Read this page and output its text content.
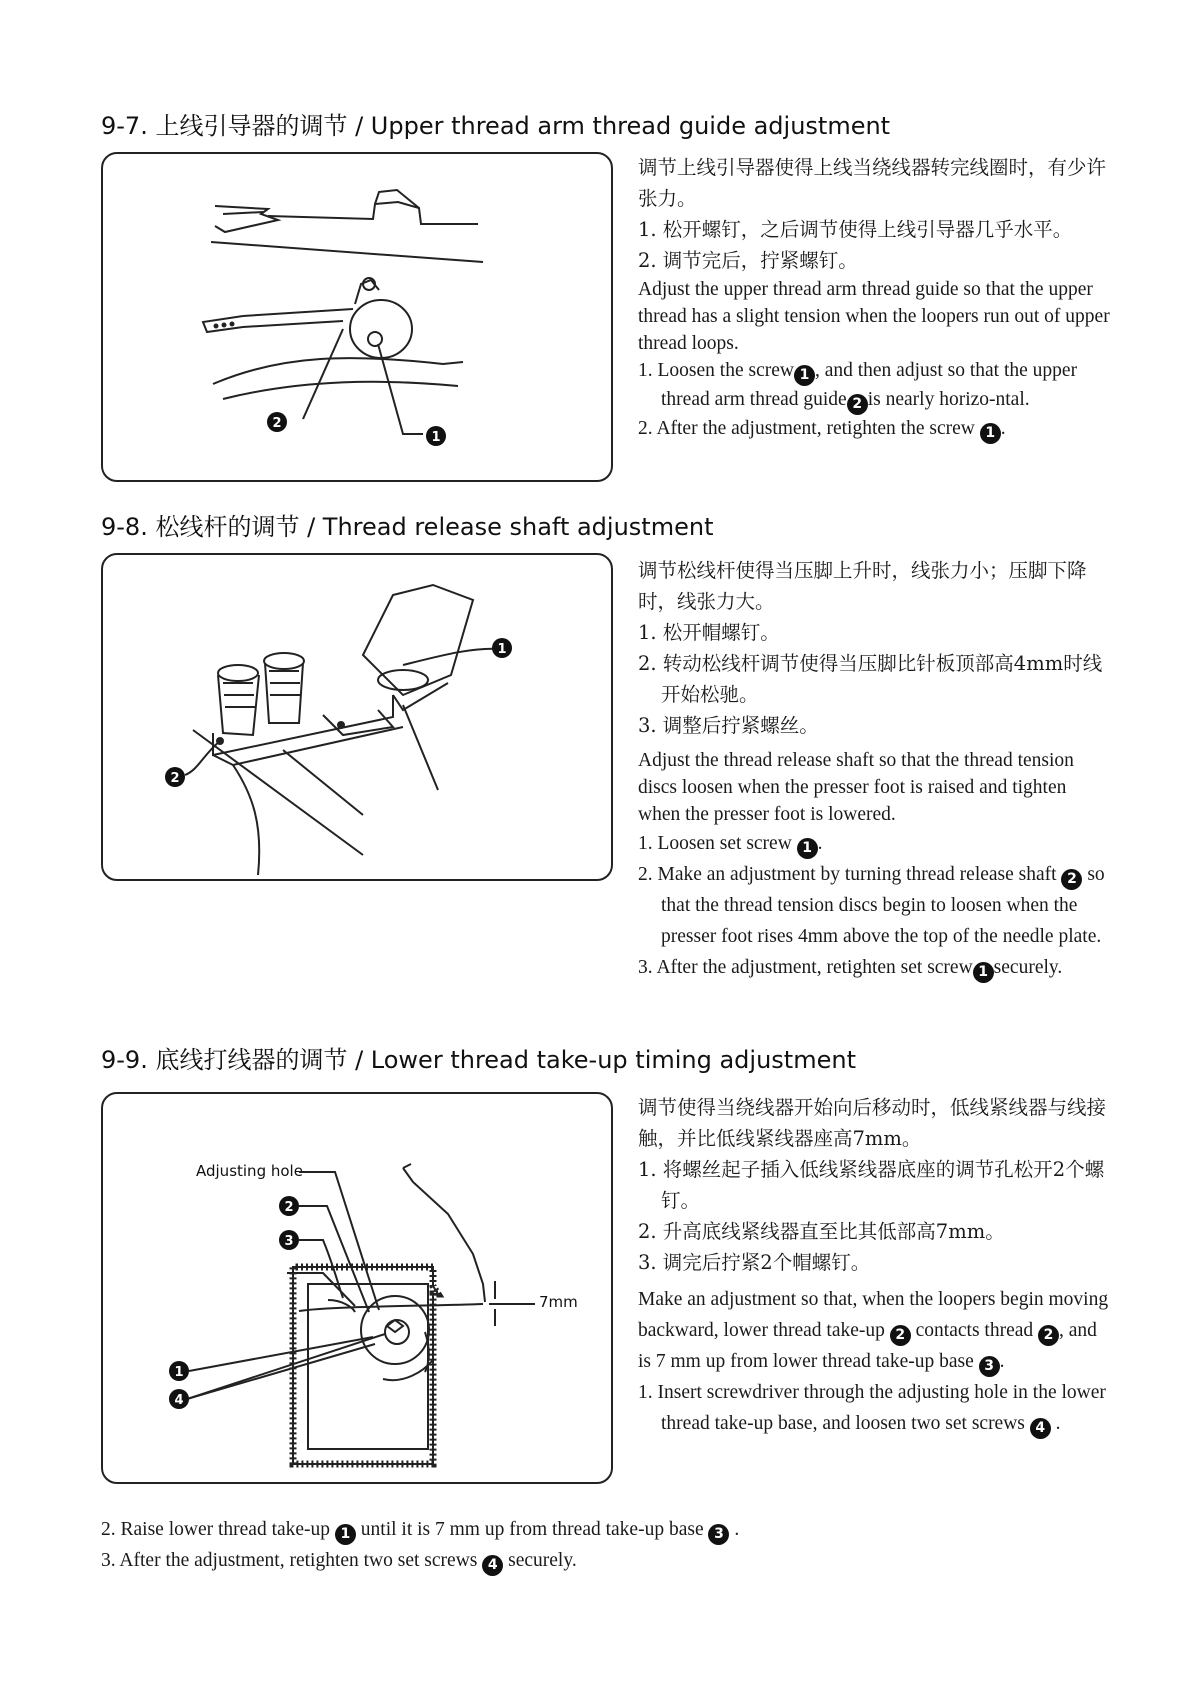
9-7. 上线引导器的调节 / Upper thread arm thread guide adjustment
2
1

调节上线引导器使得上线当绕线器转完线圈时，有少许张力。

1. 松开螺钉，之后调节使得上线引导器几乎水平。

2. 调节完后，拧紧螺钉。

Adjust the upper thread arm thread guide so that the upper thread has a slight tension when the loopers run out of upper thread loops.

1. Loosen the screw 1 , and then adjust so that the upper thread arm thread guide 2 is nearly horizo-ntal.

2. After the adjustment, retighten the screw 1 .

9-8. 松线杆的调节 / Thread release shaft adjustment
1
2

调节松线杆使得当压脚上升时，线张力小；压脚下降时，线张力大。

1. 松开帽螺钉。

2. 转动松线杆调节使得当压脚比针板顶部高4mm时线开始松驰。

3. 调整后拧紧螺丝。

Adjust the thread release shaft so that the thread tension discs loosen when the presser foot is raised and tighten when the presser foot is lowered.

1. Loosen set screw 1 .

2. Make an adjustment by turning thread release shaft 2 so that the thread tension discs begin to loosen when the presser foot rises 4mm above the top of the needle plate.

3. After the adjustment, retighten set screw 1 securely.

9-9. 底线打线器的调节 / Lower thread take-up timing adjustment
Adjusting hole
7mm
2
3
1
4

调节使得当绕线器开始向后移动时，低线紧线器与线接触，并比低线紧线器座高7mm。

1. 将螺丝起子插入低线紧线器底座的调节孔松开2个螺钉。

2. 升高底线紧线器直至比其低部高7mm。

3. 调完后拧紧2个帽螺钉。

Make an adjustment so that, when the loopers begin moving backward, lower thread take-up 2 contacts thread 2 , and is 7 mm up from lower thread take-up base 3 .

1. Insert screwdriver through the adjusting hole in the lower thread take-up base, and loosen two set screws 4 .

2. Raise lower thread take-up 1 until it is 7 mm up from thread take-up base 3 .

3. After the adjustment, retighten two set screws 4 securely.
